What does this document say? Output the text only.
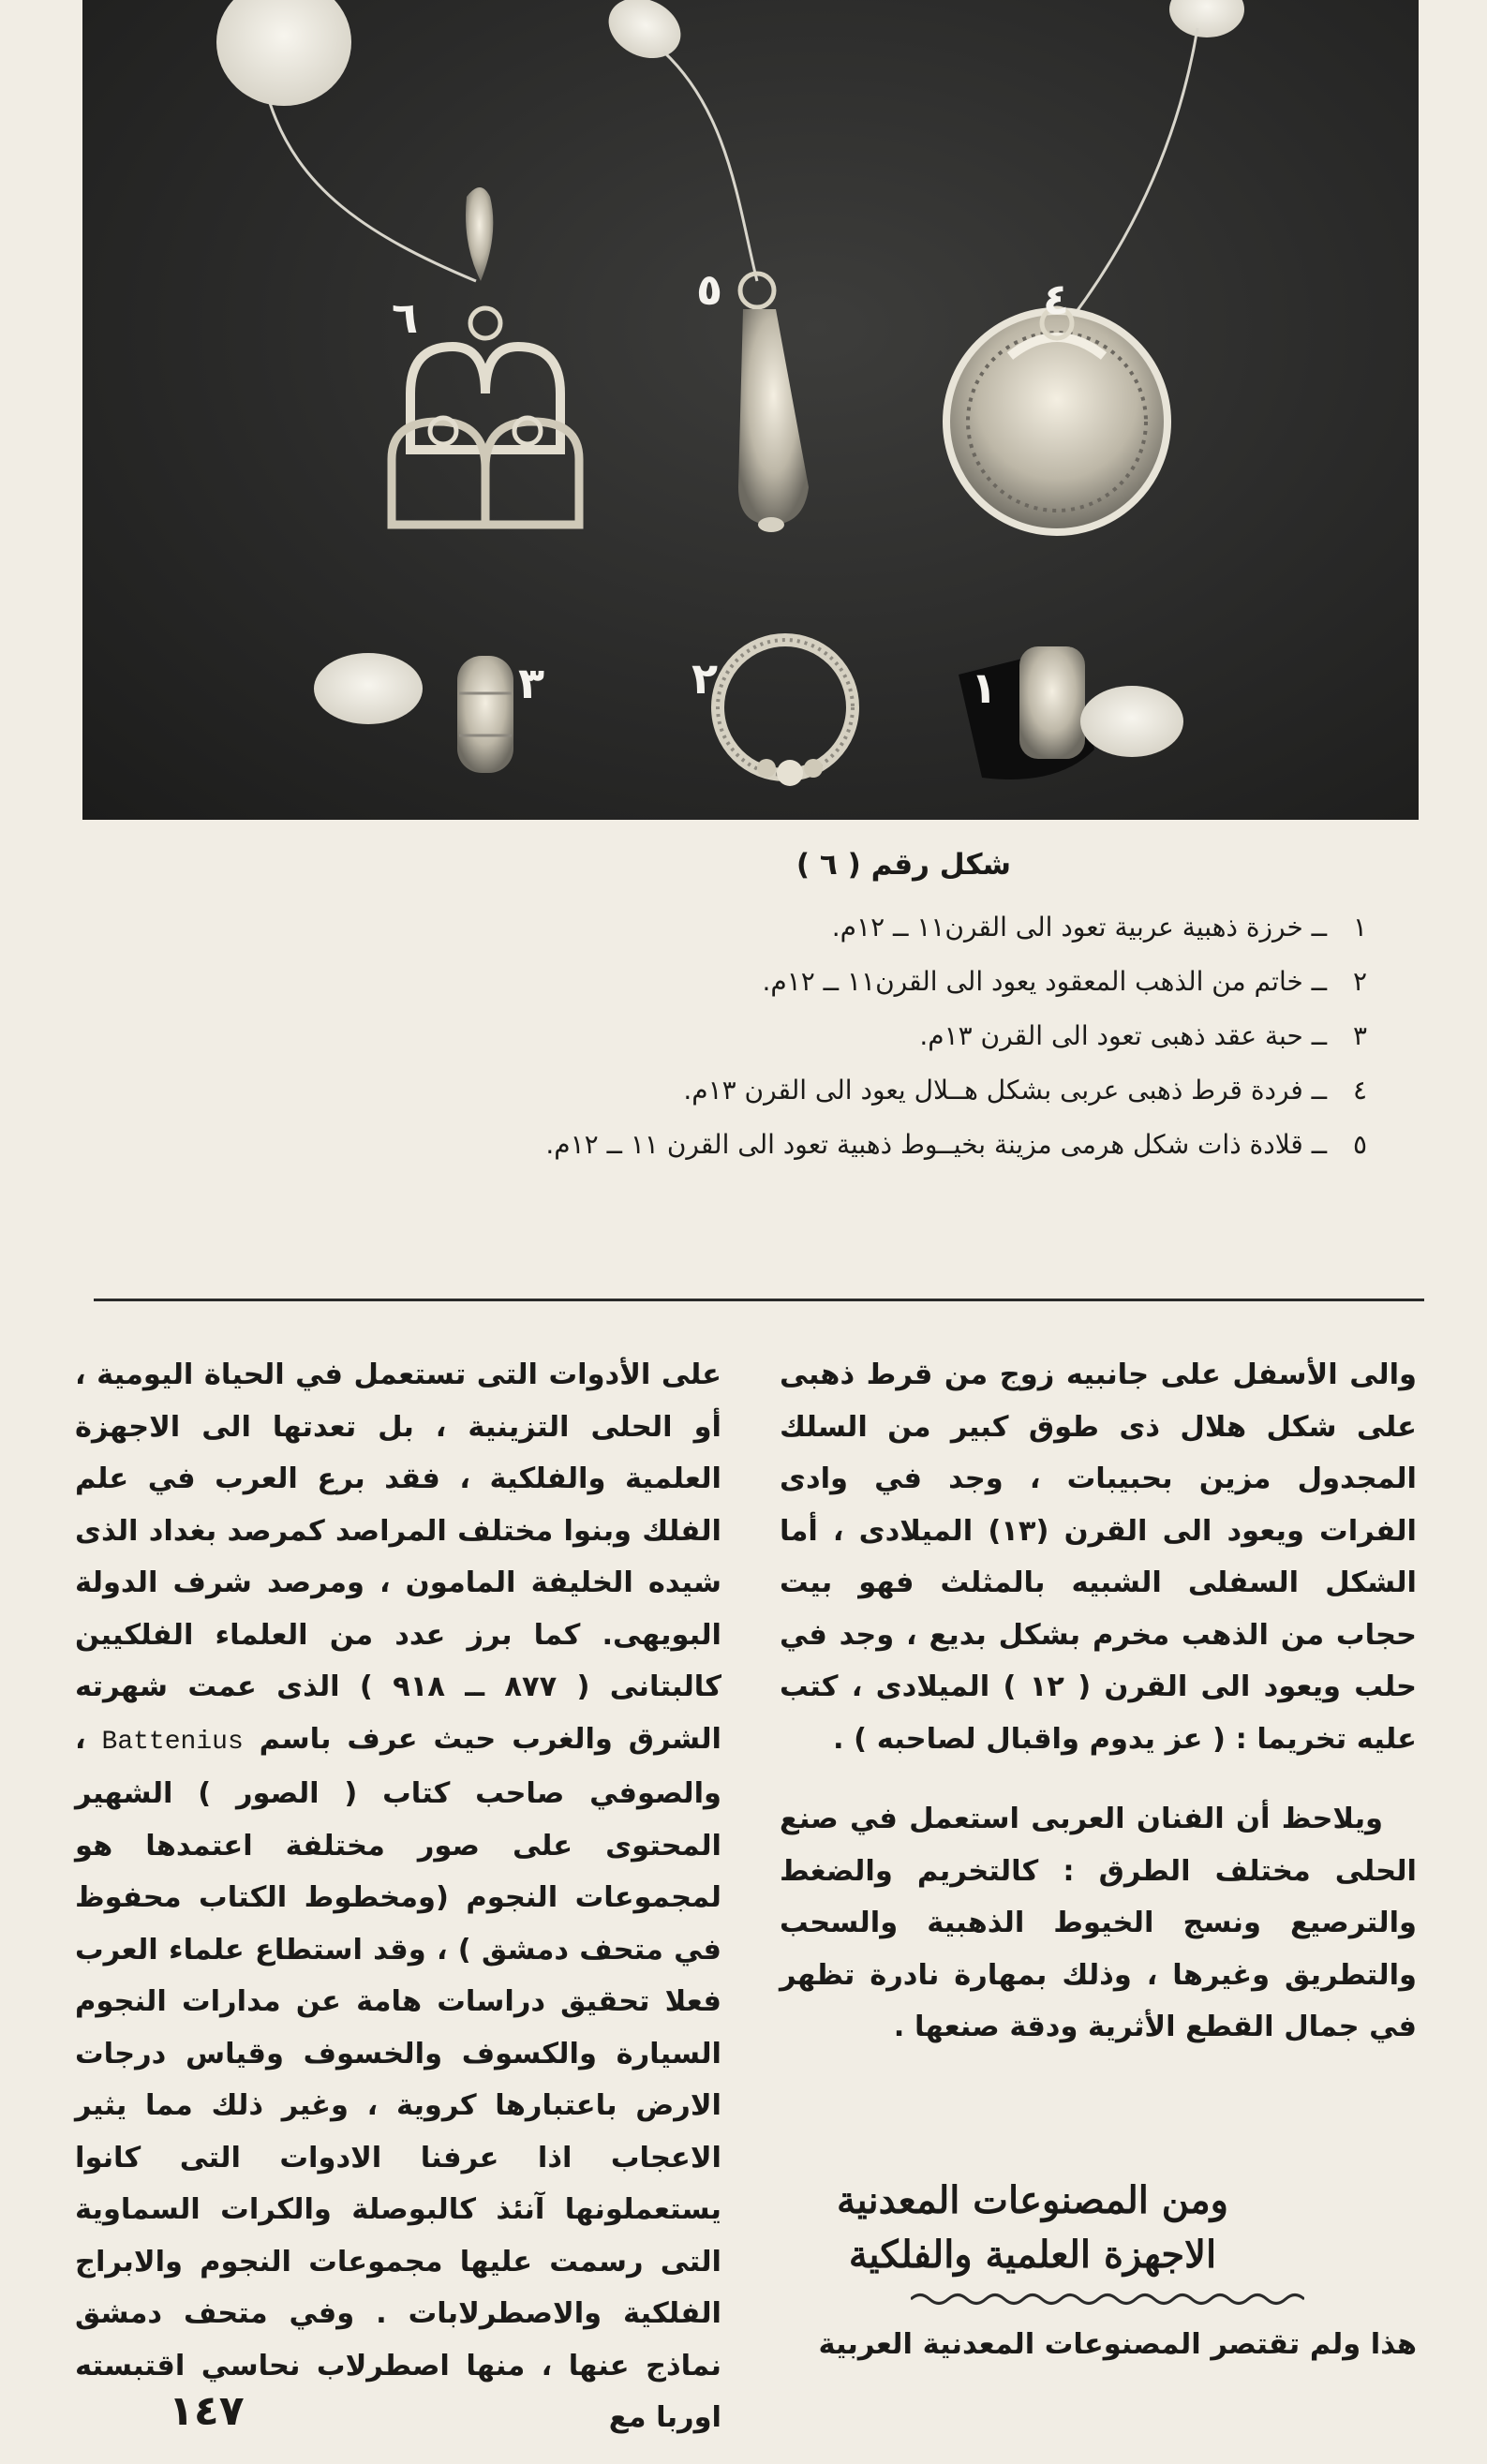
٦
٥	٤
٣	٢	١
شكل رقم ( ٦ )
١ ــ خرزة ذهبية عربية تعود الى القرن١١ ــ ١٢م.
٢ ــ خاتم من الذهب المعقود يعود الى القرن١١ ــ ١٢م.
٣ ــ حبة عقد ذهبى تعود الى القرن ١٣م.
٤ ــ فردة قرط ذهبى عربى بشكل هــلال يعود الى القرن ١٣م.
٥ ــ قلادة ذات شكل هرمى مزينة بخيــوط ذهبية تعود الى القرن ١١ ــ ١٢م.

والى الأسفل على جانبيه زوج من قرط ذهبى على شكل هلال ذى طوق كبير من السلك المجدول مزين بحبيبات ، وجد في وادى الفرات ويعود الى القرن (١٣) الميلادى ، أما الشكل السفلى الشبيه بالمثلث فهو بيت حجاب من الذهب مخرم بشكل بديع ، وجد في حلب ويعود الى القرن ( ١٢ ) الميلادى ، كتب عليه تخريما : ( عز يدوم واقبال لصاحبه ) .

ويلاحظ أن الفنان العربى استعمل في صنع الحلى مختلف الطرق : كالتخريم والضغط والترصيع ونسج الخيوط الذهبية والسحب والتطريق وغيرها ، وذلك بمهارة نادرة تظهر في جمال القطع الأثرية ودقة صنعها .

ومن المصنوعات المعدنية
الاجهزة العلمية والفلكية
هذا ولم تقتصر المصنوعات المعدنية العربية

على الأدوات التى تستعمل في الحياة اليومية ، أو الحلى التزينية ، بل تعدتها الى الاجهزة العلمية والفلكية ، فقد برع العرب في علم الفلك وبنوا مختلف المراصد كمرصد بغداد الذى شيده الخليفة المامون ، ومرصد شرف الدولة البويهى. كما برز عدد من العلماء الفلكيين كالبتانى ( ٨٧٧ ــ ٩١٨ ) الذى عمت شهرته الشرق والغرب حيث عرف باسم Battenius ، والصوفي صاحب كتاب ( الصور ) الشهير المحتوى على صور مختلفة اعتمدها هو لمجموعات النجوم (ومخطوط الكتاب محفوظ في متحف دمشق ) ، وقد استطاع علماء العرب فعلا تحقيق دراسات هامة عن مدارات النجوم السيارة والكسوف والخسوف وقياس درجات الارض باعتبارها كروية ، وغير ذلك مما يثير الاعجاب اذا عرفنا الادوات التى كانوا يستعملونها آنئذ كالبوصلة والكرات السماوية التى رسمت عليها مجموعات النجوم والابراج الفلكية والاصطرلابات . وفي متحف دمشق نماذج عنها ، منها اصطرلاب نحاسي اقتبسته اوربا مع

١٤٧
